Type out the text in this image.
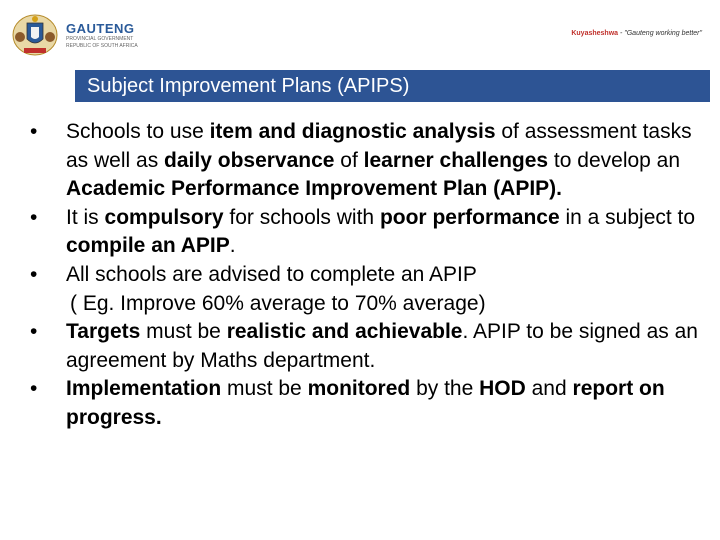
GAUTENG
PROVINCIAL GOVERNMENT
REPUBLIC OF SOUTH AFRICA
Kuyasheshwa - "Gauteng working better"
Subject Improvement Plans (APIPS)
•	Schools to use item and diagnostic analysis of assessment tasks as well as daily observance of learner challenges to develop an Academic Performance Improvement Plan (APIP).
•	It is compulsory for schools with poor performance in a subject to compile an APIP.
•	All schools are advised to complete an APIP
( Eg. Improve 60% average to 70% average)
•	Targets must be realistic and achievable. APIP to be signed as an agreement by Maths department.
•	Implementation must be monitored by the HOD and report on progress.
